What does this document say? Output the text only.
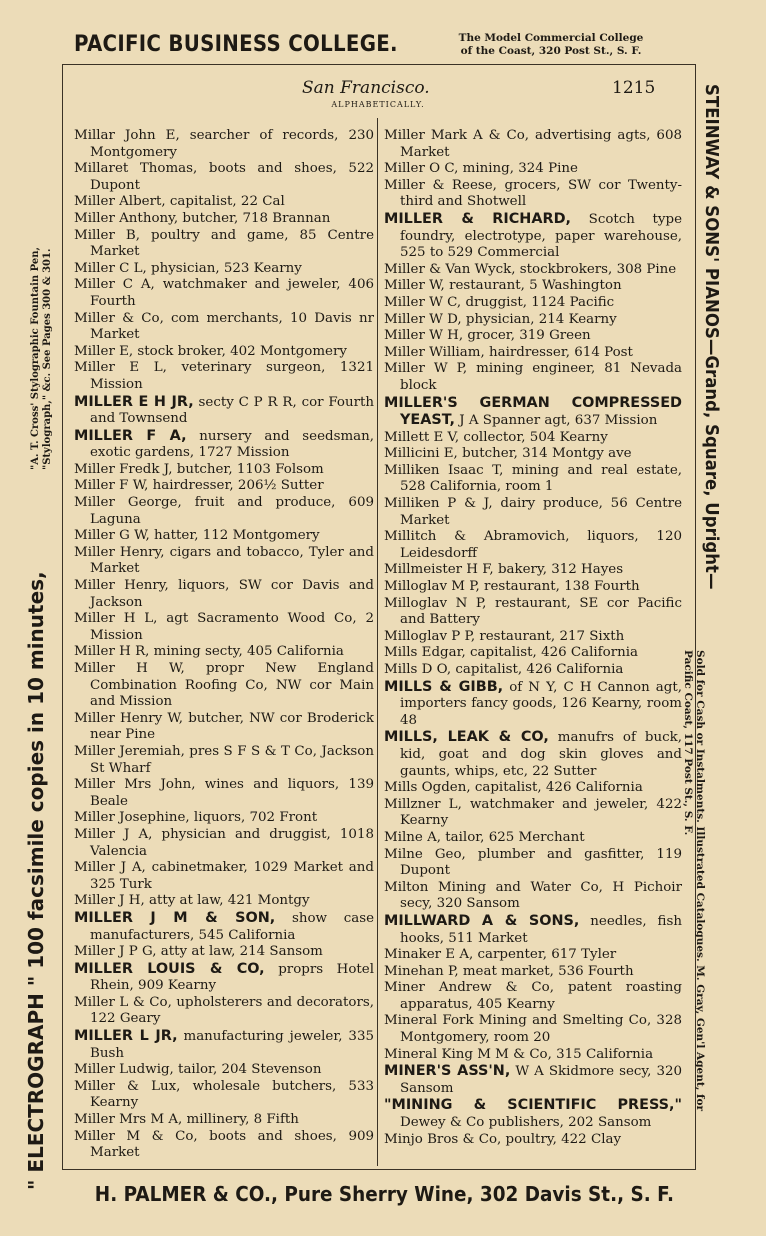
PACIFIC BUSINESS COLLEGE.	The Model Commercial College
of the Coast, 320 Post St., S. F.
San Francisco.	1215
ALPHABETICALLY.
Millar John E, searcher of records, 230 Montgomery
Millaret Thomas, boots and shoes, 522 Dupont
Miller Albert, capitalist, 22 Cal
Miller Anthony, butcher, 718 Brannan
Miller B, poultry and game, 85 Centre Market
Miller C L, physician, 523 Kearny
Miller C A, watchmaker and jeweler, 406 Fourth
Miller & Co, com merchants, 10 Davis nr Market
Miller E, stock broker, 402 Montgomery
Miller E L, veterinary surgeon, 1321 Mission
MILLER E H JR, secty C P R R, cor Fourth and Townsend
MILLER F A, nursery and seedsman, exotic gardens, 1727 Mission
Miller Fredk J, butcher, 1103 Folsom
Miller F W, hairdresser, 206½ Sutter
Miller George, fruit and produce, 609 Laguna
Miller G W, hatter, 112 Montgomery
Miller Henry, cigars and tobacco, Tyler and Market
Miller Henry, liquors, SW cor Davis and Jackson
Miller H L, agt Sacramento Wood Co, 2 Mission
Miller H R, mining secty, 405 California
Miller H W, propr New England Combination Roofing Co, NW cor Main and Mission
Miller Henry W, butcher, NW cor Broderick near Pine
Miller Jeremiah, pres S F S & T Co, Jackson St Wharf
Miller Mrs John, wines and liquors, 139 Beale
Miller Josephine, liquors, 702 Front
Miller J A, physician and druggist, 1018 Valencia
Miller J A, cabinetmaker, 1029 Market and 325 Turk
Miller J H, atty at law, 421 Montgy
MILLER J M & SON, show case manufacturers, 545 California
Miller J P G, atty at law, 214 Sansom
MILLER LOUIS & CO, proprs Hotel Rhein, 909 Kearny
Miller L & Co, upholsterers and decorators, 122 Geary
MILLER L JR, manufacturing jeweler, 335 Bush
Miller Ludwig, tailor, 204 Stevenson
Miller & Lux, wholesale butchers, 533 Kearny
Miller Mrs M A, millinery, 8 Fifth
Miller M & Co, boots and shoes, 909 Market
Miller Mark A & Co, advertising agts, 608 Market
Miller O C, mining, 324 Pine
Miller & Reese, grocers, SW cor Twenty-third and Shotwell
MILLER & RICHARD, Scotch type foundry, electrotype, paper warehouse, 525 to 529 Commercial
Miller & Van Wyck, stockbrokers, 308 Pine
Miller W, restaurant, 5 Washington
Miller W C, druggist, 1124 Pacific
Miller W D, physician, 214 Kearny
Miller W H, grocer, 319 Green
Miller William, hairdresser, 614 Post
Miller W P, mining engineer, 81 Nevada block
MILLER'S GERMAN COMPRESSED YEAST, J A Spanner agt, 637 Mission
Millett E V, collector, 504 Kearny
Millicini E, butcher, 314 Montgy ave
Milliken Isaac T, mining and real estate, 528 California, room 1
Milliken P & J, dairy produce, 56 Centre Market
Millitch & Abramovich, liquors, 120 Leidesdorff
Millmeister H F, bakery, 312 Hayes
Milloglav M P, restaurant, 138 Fourth
Milloglav N P, restaurant, SE cor Pacific and Battery
Milloglav P P, restaurant, 217 Sixth
Mills Edgar, capitalist, 426 California
Mills D O, capitalist, 426 California
MILLS & GIBB, of N Y, C H Cannon agt, importers fancy goods, 126 Kearny, room 48
MILLS, LEAK & CO, manufrs of buck, kid, goat and dog skin gloves and gaunts, whips, etc, 22 Sutter
Mills Ogden, capitalist, 426 California
Millzner L, watchmaker and jeweler, 422 Kearny
Milne A, tailor, 625 Merchant
Milne Geo, plumber and gasfitter, 119 Dupont
Milton Mining and Water Co, H Pichoir secy, 320 Sansom
MILLWARD A & SONS, needles, fish hooks, 511 Market
Minaker E A, carpenter, 617 Tyler
Minehan P, meat market, 536 Fourth
Miner Andrew & Co, patent roasting apparatus, 405 Kearny
Mineral Fork Mining and Smelting Co, 328 Montgomery, room 20
Mineral King M M & Co, 315 California
MINER'S ASS'N, W A Skidmore secy, 320 Sansom
"MINING & SCIENTIFIC PRESS," Dewey & Co publishers, 202 Sansom
Minjo Bros & Co, poultry, 422 Clay
" ELECTROGRAPH " 100 facsimile copies in 10 minutes,
"A. T. Cross' Stylographic Fountain Pen, "Stylograph," &c. See Pages 300 & 301.	STEINWAY & SONS' PIANOS—Grand, Square, Upright—
Sold for Cash or Instalments. Illustrated Catalogues. M. Gray, Gen'l Agent, for Pacific Coast, 117 Post St., S. F.
H. PALMER & CO., Pure Sherry Wine, 302 Davis St., S. F.
